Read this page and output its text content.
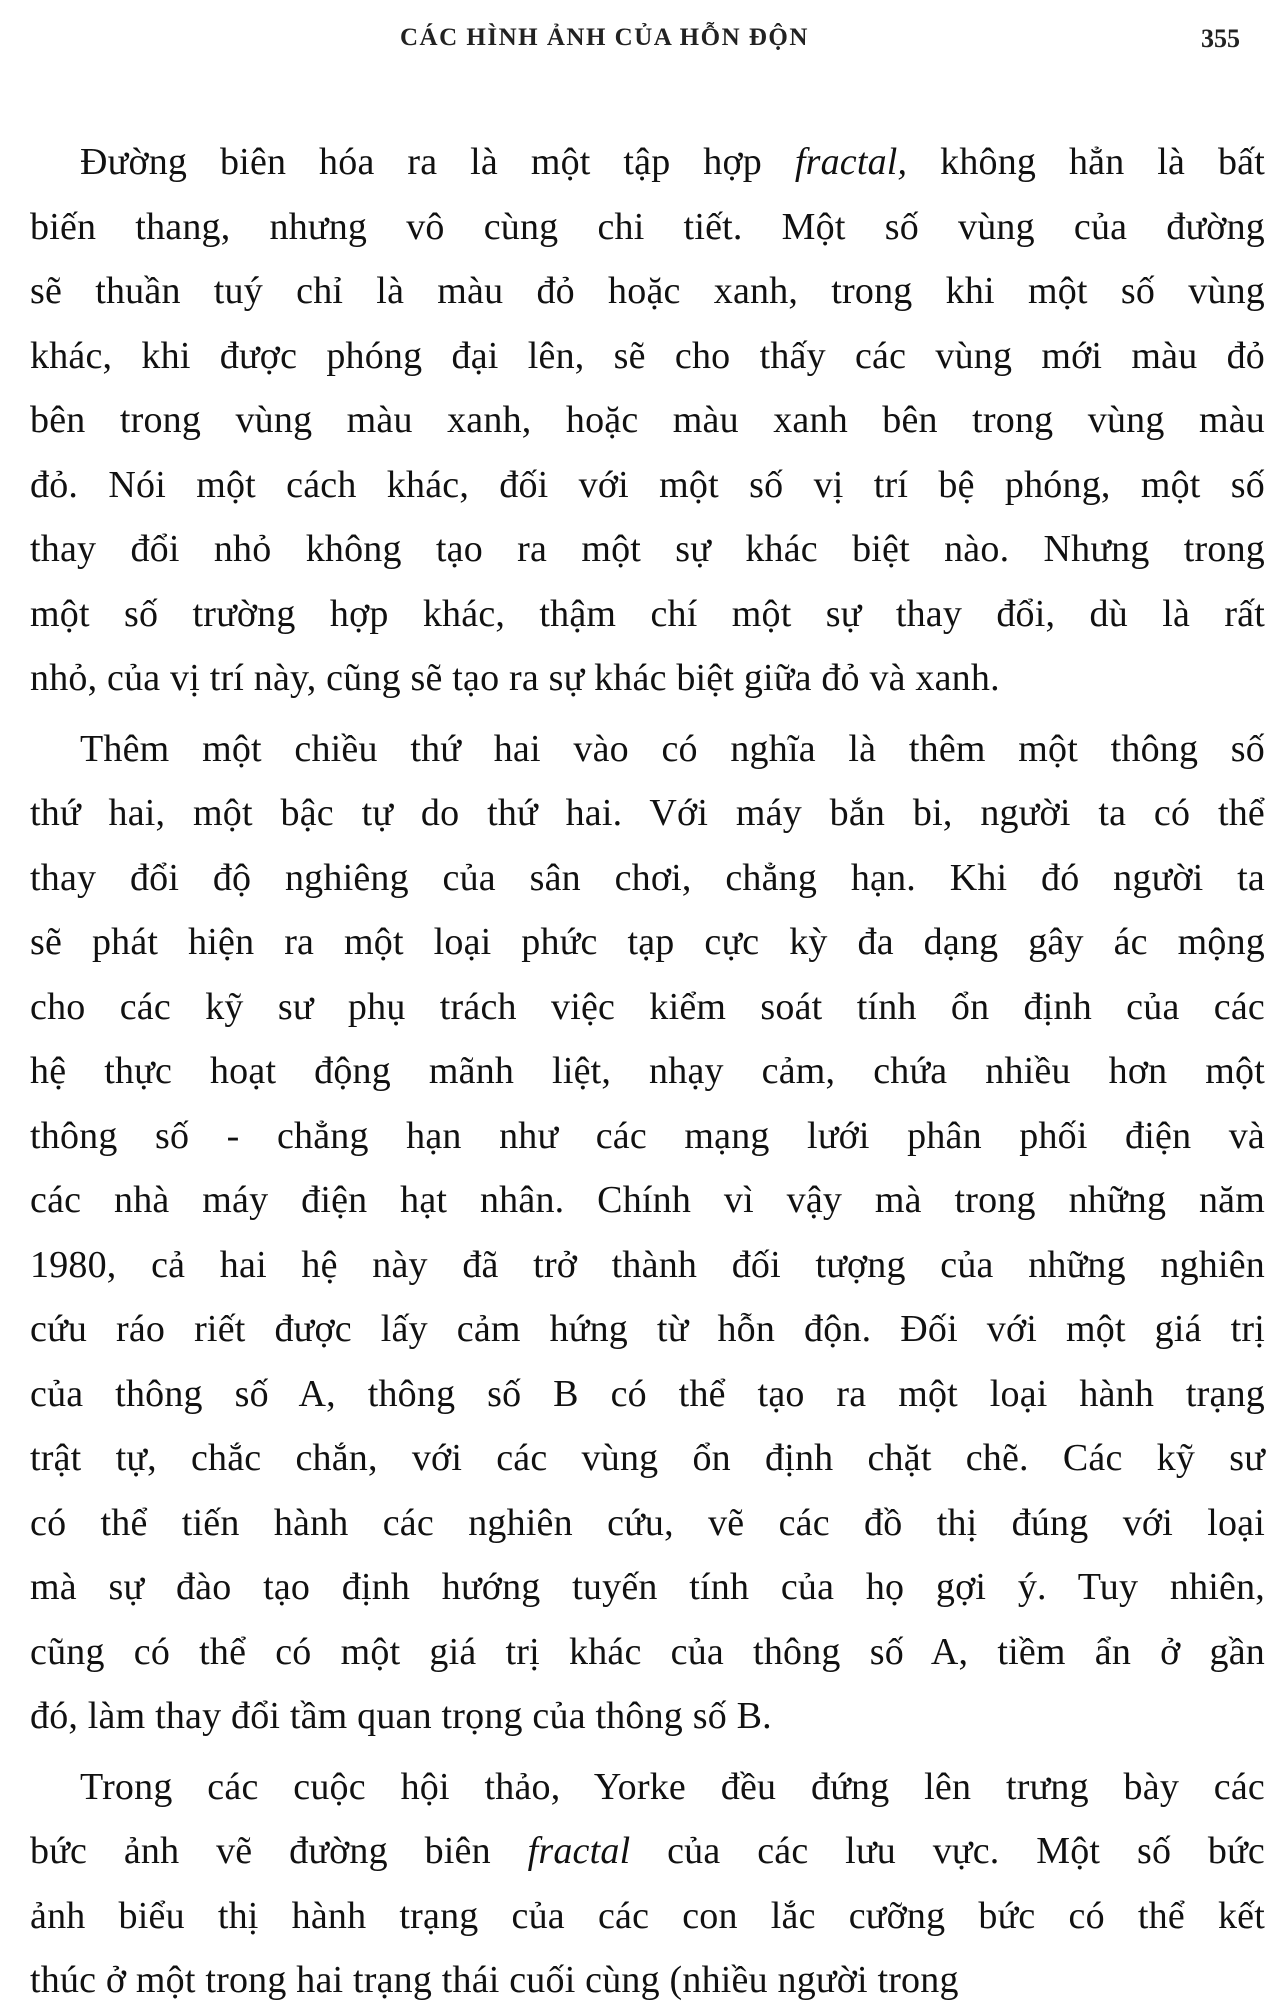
CÁC HÌNH ẢNH CỦA HỖN ĐỘN	355
Đường biên hóa ra là một tập hợp fractal, không hẳn là bất
biến thang, nhưng vô cùng chi tiết. Một số vùng của đường
sẽ thuần tuý chỉ là màu đỏ hoặc xanh, trong khi một số vùng
khác, khi được phóng đại lên, sẽ cho thấy các vùng mới màu đỏ
bên trong vùng màu xanh, hoặc màu xanh bên trong vùng màu
đỏ. Nói một cách khác, đối với một số vị trí bệ phóng, một số
thay đổi nhỏ không tạo ra một sự khác biệt nào. Nhưng trong
một số trường hợp khác, thậm chí một sự thay đổi, dù là rất
nhỏ, của vị trí này, cũng sẽ tạo ra sự khác biệt giữa đỏ và xanh.
Thêm một chiều thứ hai vào có nghĩa là thêm một thông số
thứ hai, một bậc tự do thứ hai. Với máy bắn bi, người ta có thể
thay đổi độ nghiêng của sân chơi, chẳng hạn. Khi đó người ta
sẽ phát hiện ra một loại phức tạp cực kỳ đa dạng gây ác mộng
cho các kỹ sư phụ trách việc kiểm soát tính ổn định của các
hệ thực hoạt động mãnh liệt, nhạy cảm, chứa nhiều hơn một
thông số - chẳng hạn như các mạng lưới phân phối điện và
các nhà máy điện hạt nhân. Chính vì vậy mà trong những năm
1980, cả hai hệ này đã trở thành đối tượng của những nghiên
cứu ráo riết được lấy cảm hứng từ hỗn độn. Đối với một giá trị
của thông số A, thông số B có thể tạo ra một loại hành trạng
trật tự, chắc chắn, với các vùng ổn định chặt chẽ. Các kỹ sư
có thể tiến hành các nghiên cứu, vẽ các đồ thị đúng với loại
mà sự đào tạo định hướng tuyến tính của họ gợi ý. Tuy nhiên,
cũng có thể có một giá trị khác của thông số A, tiềm ẩn ở gần
đó, làm thay đổi tầm quan trọng của thông số B.
Trong các cuộc hội thảo, Yorke đều đứng lên trưng bày các
bức ảnh vẽ đường biên fractal của các lưu vực. Một số bức
ảnh biểu thị hành trạng của các con lắc cưỡng bức có thể kết
thúc ở một trong hai trạng thái cuối cùng (nhiều người trong
